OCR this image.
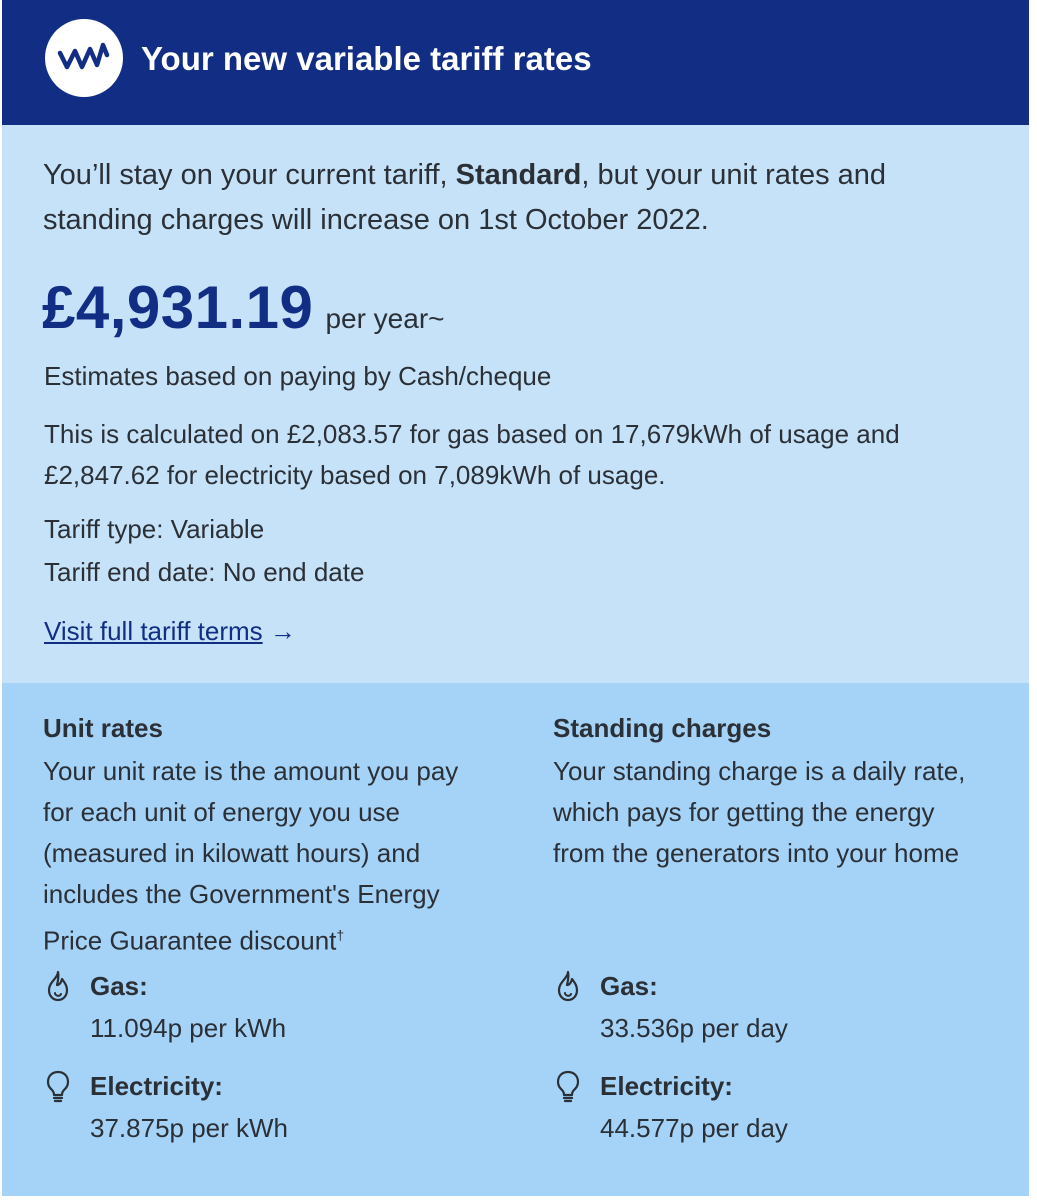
Your new variable tariff rates
You’ll stay on your current tariff, Standard, but your unit rates and standing charges will increase on 1st October 2022.
£4,931.19 per year~
Estimates based on paying by Cash/cheque
This is calculated on £2,083.57 for gas based on 17,679kWh of usage and £2,847.62 for electricity based on 7,089kWh of usage.
Tariff type: Variable
Tariff end date: No end date
Visit full tariff terms →
Unit rates
Your unit rate is the amount you pay for each unit of energy you use (measured in kilowatt hours) and includes the Government's Energy Price Guarantee discount†
Gas:
11.094p per kWh
Electricity:
37.875p per kWh
Standing charges
Your standing charge is a daily rate, which pays for getting the energy from the generators into your home
Gas:
33.536p per day
Electricity:
44.577p per day
